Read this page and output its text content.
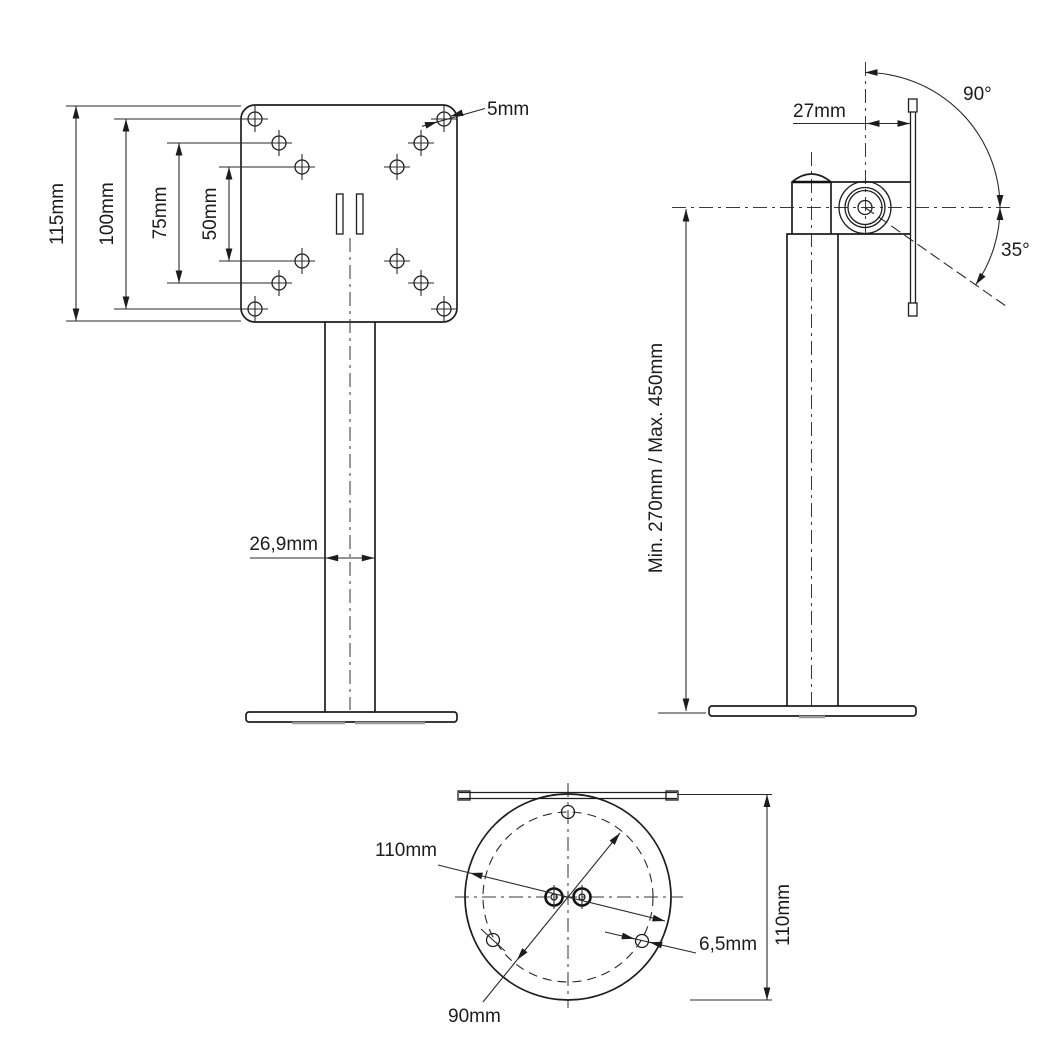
115mm 100mm 75mm 50mm
5mm
26,9mm
90°
35°
27mm
Min. 270mm / Max. 450mm
110mm
90mm
6,5mm 110mm
